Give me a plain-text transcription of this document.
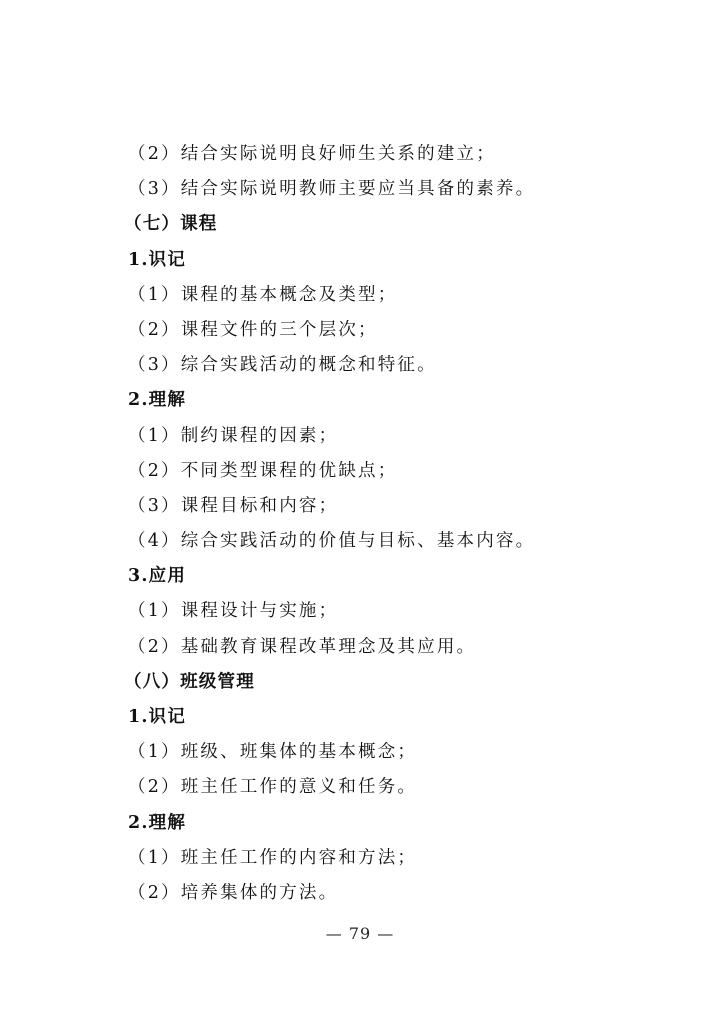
（2）结合实际说明良好师生关系的建立；
（3）结合实际说明教师主要应当具备的素养。
（七）课程
1.识记
（1）课程的基本概念及类型；
（2）课程文件的三个层次；
（3）综合实践活动的概念和特征。
2.理解
（1）制约课程的因素；
（2）不同类型课程的优缺点；
（3）课程目标和内容；
（4）综合实践活动的价值与目标、基本内容。
3.应用
（1）课程设计与实施；
（2）基础教育课程改革理念及其应用。
（八）班级管理
1.识记
（1）班级、班集体的基本概念；
（2）班主任工作的意义和任务。
2.理解
（1）班主任工作的内容和方法；
（2）培养集体的方法。
— 79 —
